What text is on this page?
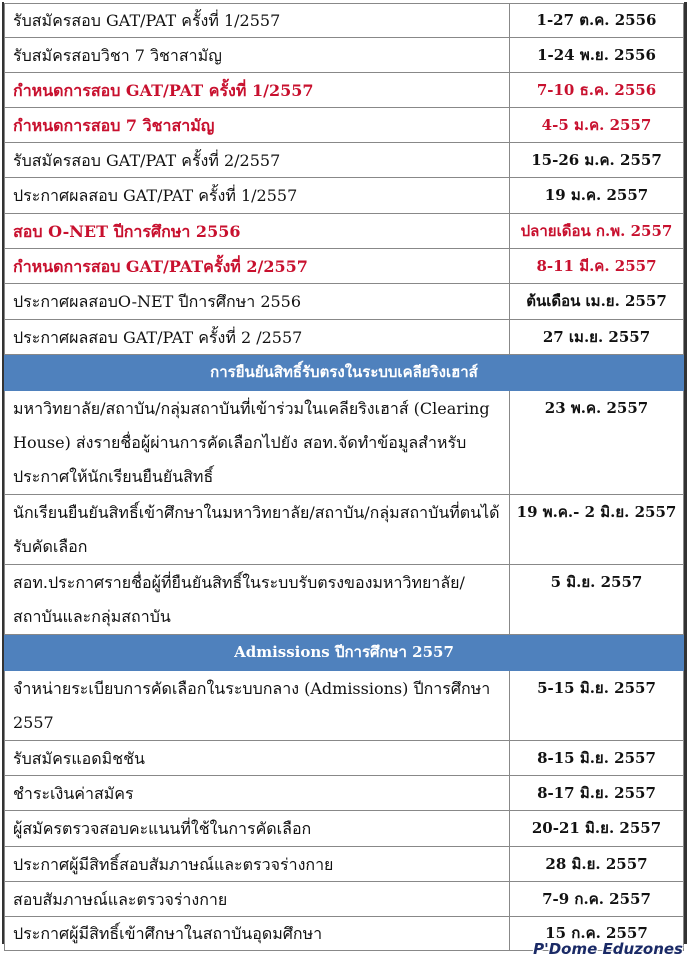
รับสมัครสอบ GAT/PAT ครั้งที่ 1/2557	1-27 ต.ค. 2556
รับสมัครสอบวิชา 7 วิชาสามัญ	1-24 พ.ย. 2556
กำหนดการสอบ GAT/PAT ครั้งที่ 1/2557	7-10 ธ.ค. 2556
กำหนดการสอบ 7 วิชาสามัญ	4-5 ม.ค. 2557
รับสมัครสอบ GAT/PAT ครั้งที่ 2/2557	15-26 ม.ค. 2557
ประกาศผลสอบ GAT/PAT ครั้งที่ 1/2557	19 ม.ค. 2557
สอบ O-NET ปีการศึกษา 2556	ปลายเดือน ก.พ. 2557
กำหนดการสอบ GAT/PATครั้งที่ 2/2557	8-11 มี.ค. 2557
ประกาศผลสอบO-NET ปีการศึกษา 2556	ต้นเดือน เม.ย. 2557
ประกาศผลสอบ GAT/PAT ครั้งที่ 2 /2557	27 เม.ย. 2557
การยืนยันสิทธิ์รับตรงในระบบเคลียริงเฮาส์	
มหาวิทยาลัย/สถาบัน/กลุ่มสถาบันที่เข้าร่วมในเคลียริงเฮาส์ (Clearing House) ส่งรายชื่อผู้ผ่านการคัดเลือกไปยัง สอท.จัดทำข้อมูลสำหรับประกาศให้นักเรียนยืนยันสิทธิ์	23 พ.ค. 2557
นักเรียนยืนยันสิทธิ์เข้าศึกษาในมหาวิทยาลัย/สถาบัน/กลุ่มสถาบันที่ตนได้รับคัดเลือก	19 พ.ค.- 2 มิ.ย. 2557
สอท.ประกาศรายชื่อผู้ที่ยืนยันสิทธิ์ในระบบรับตรงของมหาวิทยาลัย/สถาบันและกลุ่มสถาบัน	5 มิ.ย. 2557
Admissions ปีการศึกษา 2557	
จำหน่ายระเบียบการคัดเลือกในระบบกลาง (Admissions) ปีการศึกษา 2557	5-15 มิ.ย. 2557
รับสมัครแอดมิชชัน	8-15 มิ.ย. 2557
ชำระเงินค่าสมัคร	8-17 มิ.ย. 2557
ผู้สมัครตรวจสอบคะแนนที่ใช้ในการคัดเลือก	20-21 มิ.ย. 2557
ประกาศผู้มีสิทธิ์สอบสัมภาษณ์และตรวจร่างกาย	28 มิ.ย. 2557
สอบสัมภาษณ์และตรวจร่างกาย	7-9 ก.ค. 2557
ประกาศผู้มีสิทธิ์เข้าศึกษาในสถาบันอุดมศึกษา	15 ก.ค. 2557
P'Dome Eduzones
